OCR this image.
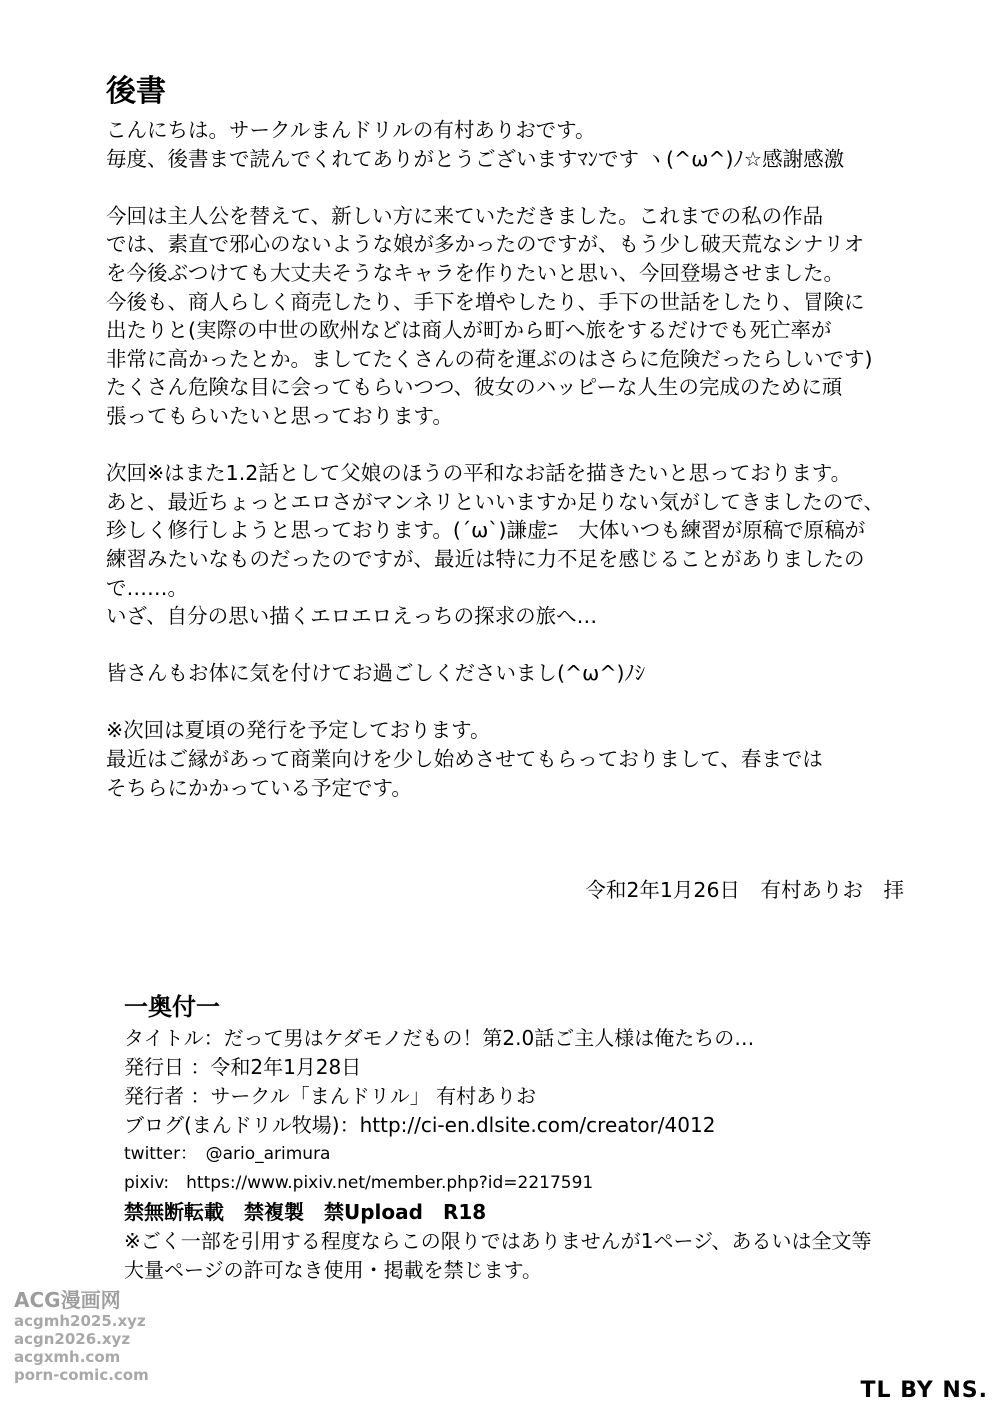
後書

こんにちは。サークルまんドリルの有村ありおです。

毎度、後書まで読んでくれてありがとうございますﾏﾝです ヽ(^ω^)ﾉ☆感謝感激

今回は主人公を替えて、新しい方に来ていただきました。これまでの私の作品

では、素直で邪心のないような娘が多かったのですが、もう少し破天荒なシナリオ

を今後ぶつけても大丈夫そうなキャラを作りたいと思い、今回登場させました。

今後も、商人らしく商売したり、手下を増やしたり、手下の世話をしたり、冒険に

出たりと(実際の中世の欧州などは商人が町から町へ旅をするだけでも死亡率が

非常に高かったとか。ましてたくさんの荷を運ぶのはさらに危険だったらしいです)

たくさん危険な目に会ってもらいつつ、彼女のハッピーな人生の完成のために頑

張ってもらいたいと思っております。

次回※はまた1.2話として父娘のほうの平和なお話を描きたいと思っております。

あと、最近ちょっとエロさがマンネリといいますか足りない気がしてきましたので、

珍しく修行しようと思っております。(´ω`)謙虚ﾆ　大体いつも練習が原稿で原稿が

練習みたいなものだったのですが、最近は特に力不足を感じることがありましたの

で……。

いざ、自分の思い描くエロエロえっちの探求の旅へ…

皆さんもお体に気を付けてお過ごしくださいまし(^ω^)ﾉｼ

※次回は夏頃の発行を予定しております。

最近はご縁があって商業向けを少し始めさせてもらっておりまして、春までは

そちらにかかっている予定です。

令和2年1月26日　有村ありお　拝
一奥付一
タイトル：だって男はケダモノだもの！第2.0話ご主人様は俺たちの…
発行日 ：令和2年1月28日
発行者 ：サークル「まんドリル」 有村ありお
ブログ(まんドリル牧場)：http://ci-en.dlsite.com/creator/4012
twitter：　@ario_arimura
pixiv:　https://www.pixiv.net/member.php?id=2217591
禁無断転載　禁複製　禁Upload　R18
※ごく一部を引用する程度ならこの限りではありませんが1ページ、あるいは全文等
大量ページの許可なき使用・掲載を禁じます。
ACG漫画网
acgmh2025.xyz
acgn2026.xyz
acgxmh.com
porn-comic.com
TL BY NS.
